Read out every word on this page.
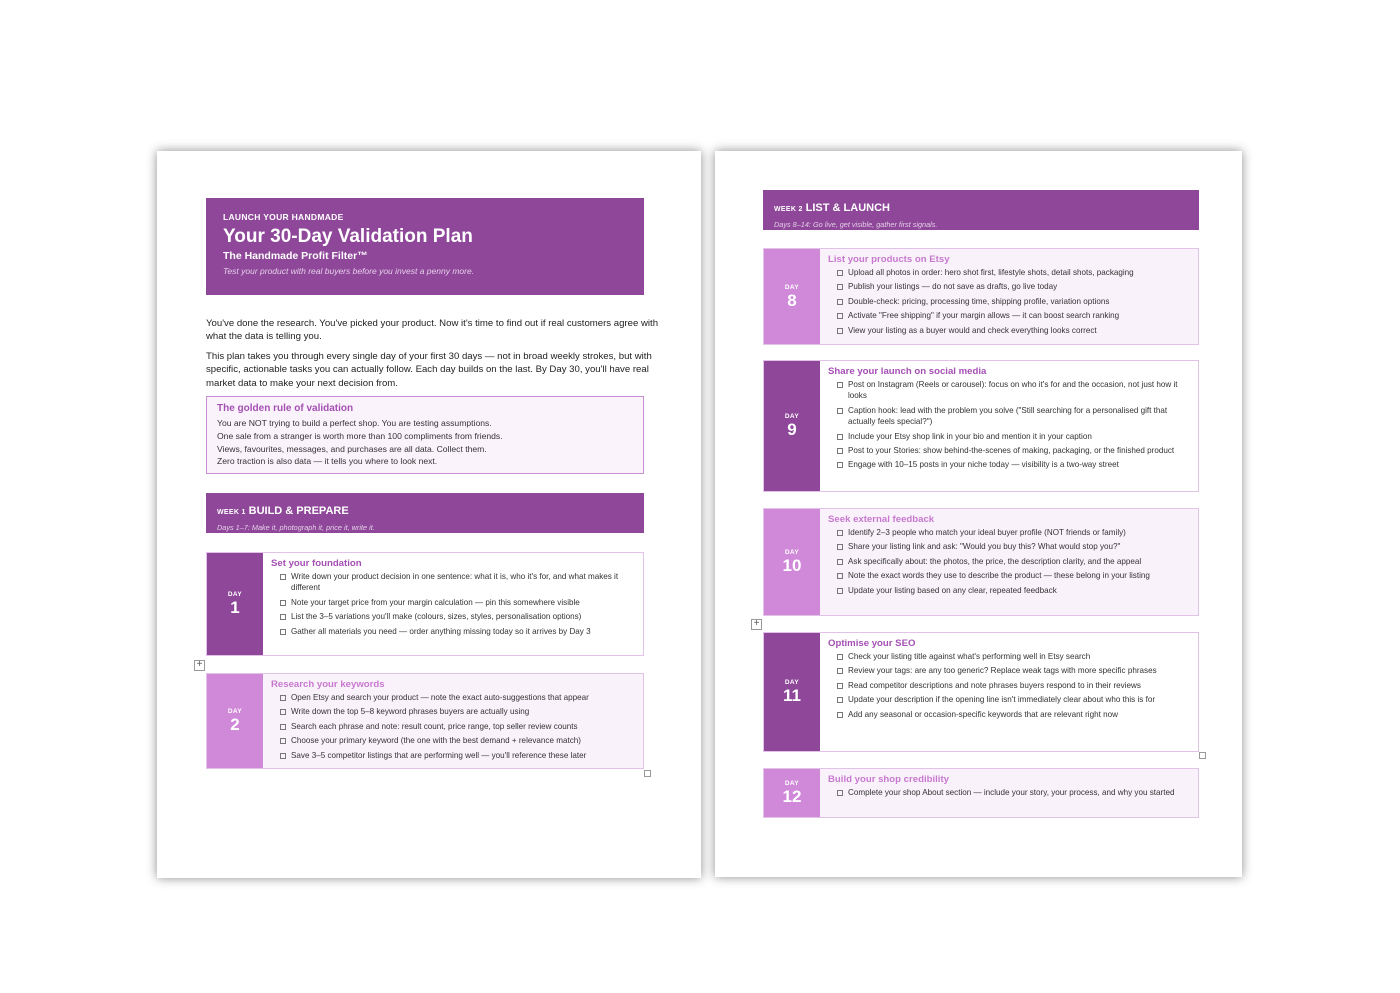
LAUNCH YOUR HANDMADE
Your 30-Day Validation Plan
The Handmade Profit Filter™
Test your product with real buyers before you invest a penny more.
You've done the research. You've picked your product. Now it's time to find out if real customers agree with what the data is telling you.
This plan takes you through every single day of your first 30 days — not in broad weekly strokes, but with specific, actionable tasks you can actually follow. Each day builds on the last. By Day 30, you'll have real market data to make your next decision from.
The golden rule of validation
You are NOT trying to build a perfect shop. You are testing assumptions.
One sale from a stranger is worth more than 100 compliments from friends.
Views, favourites, messages, and purchases are all data. Collect them.
Zero traction is also data — it tells you where to look next.
WEEK 1 BUILD & PREPARE
Days 1–7: Make it, photograph it, price it, write it.
DAY
1
Set your foundation
Write down your product decision in one sentence: what it is, who it's for, and what makes it different
Note your target price from your margin calculation — pin this somewhere visible
List the 3–5 variations you'll make (colours, sizes, styles, personalisation options)
Gather all materials you need — order anything missing today so it arrives by Day 3
DAY
2
Research your keywords
Open Etsy and search your product — note the exact auto-suggestions that appear
Write down the top 5–8 keyword phrases buyers are actually using
Search each phrase and note: result count, price range, top seller review counts
Choose your primary keyword (the one with the best demand + relevance match)
Save 3–5 competitor listings that are performing well — you'll reference these later
+
WEEK 2 LIST & LAUNCH
Days 8–14: Go live, get visible, gather first signals.
DAY
8
List your products on Etsy
Upload all photos in order: hero shot first, lifestyle shots, detail shots, packaging
Publish your listings — do not save as drafts, go live today
Double-check: pricing, processing time, shipping profile, variation options
Activate "Free shipping" if your margin allows — it can boost search ranking
View your listing as a buyer would and check everything looks correct
DAY
9
Share your launch on social media
Post on Instagram (Reels or carousel): focus on who it's for and the occasion, not just how it looks
Caption hook: lead with the problem you solve ("Still searching for a personalised gift that actually feels special?")
Include your Etsy shop link in your bio and mention it in your caption
Post to your Stories: show behind-the-scenes of making, packaging, or the finished product
Engage with 10–15 posts in your niche today — visibility is a two-way street
DAY
10
Seek external feedback
Identify 2–3 people who match your ideal buyer profile (NOT friends or family)
Share your listing link and ask: "Would you buy this? What would stop you?"
Ask specifically about: the photos, the price, the description clarity, and the appeal
Note the exact words they use to describe the product — these belong in your listing
Update your listing based on any clear, repeated feedback
DAY
11
Optimise your SEO
Check your listing title against what's performing well in Etsy search
Review your tags: are any too generic? Replace weak tags with more specific phrases
Read competitor descriptions and note phrases buyers respond to in their reviews
Update your description if the opening line isn't immediately clear about who this is for
Add any seasonal or occasion-specific keywords that are relevant right now
DAY
12
Build your shop credibility
Complete your shop About section — include your story, your process, and why you started
+
